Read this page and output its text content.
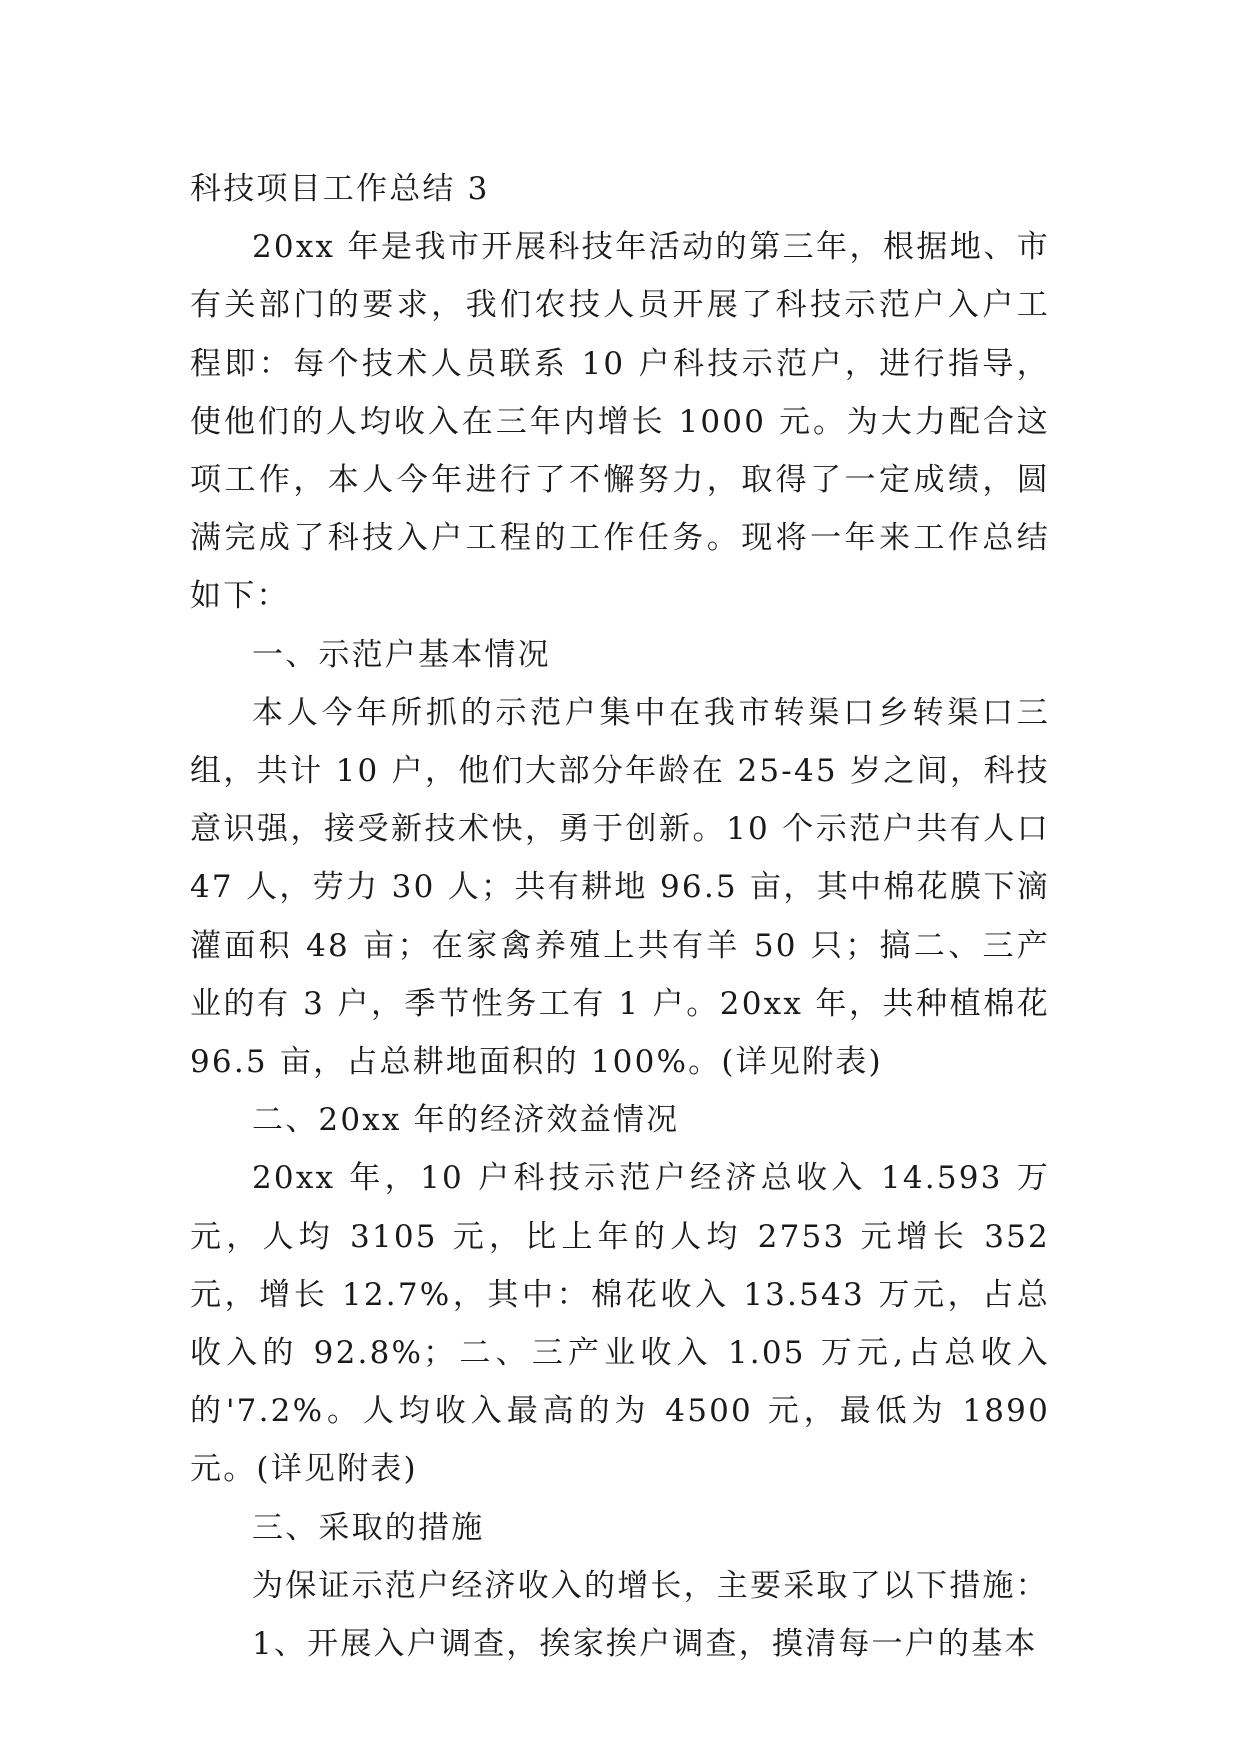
科技项目工作总结 3

20xx 年是我市开展科技年活动的第三年，根据地、市有关部门的要求，我们农技人员开展了科技示范户入户工程即：每个技术人员联系 10 户科技示范户，进行指导，使他们的人均收入在三年内增长 1000 元。为大力配合这项工作，本人今年进行了不懈努力，取得了一定成绩，圆满完成了科技入户工程的工作任务。现将一年来工作总结如下：

一、示范户基本情况

本人今年所抓的示范户集中在我市转渠口乡转渠口三组，共计 10 户，他们大部分年龄在 25-45 岁之间，科技意识强，接受新技术快，勇于创新。10 个示范户共有人口 47 人，劳力 30 人；共有耕地 96.5 亩，其中棉花膜下滴灌面积 48 亩；在家禽养殖上共有羊 50 只；搞二、三产业的有 3 户，季节性务工有 1 户。20xx 年，共种植棉花 96.5 亩，占总耕地面积的 100%。(详见附表)

二、20xx 年的经济效益情况

20xx 年，10 户科技示范户经济总收入 14.593 万元，人均 3105 元，比上年的人均 2753 元增长 352 元，增长 12.7%，其中：棉花收入 13.543 万元，占总收入的 92.8%；二、三产业收入 1.05 万元,占总收入的'7.2%。人均收入最高的为 4500 元，最低为 1890 元。(详见附表)

三、采取的措施

为保证示范户经济收入的增长，主要采取了以下措施：

1、开展入户调查，挨家挨户调查，摸清每一户的基本
